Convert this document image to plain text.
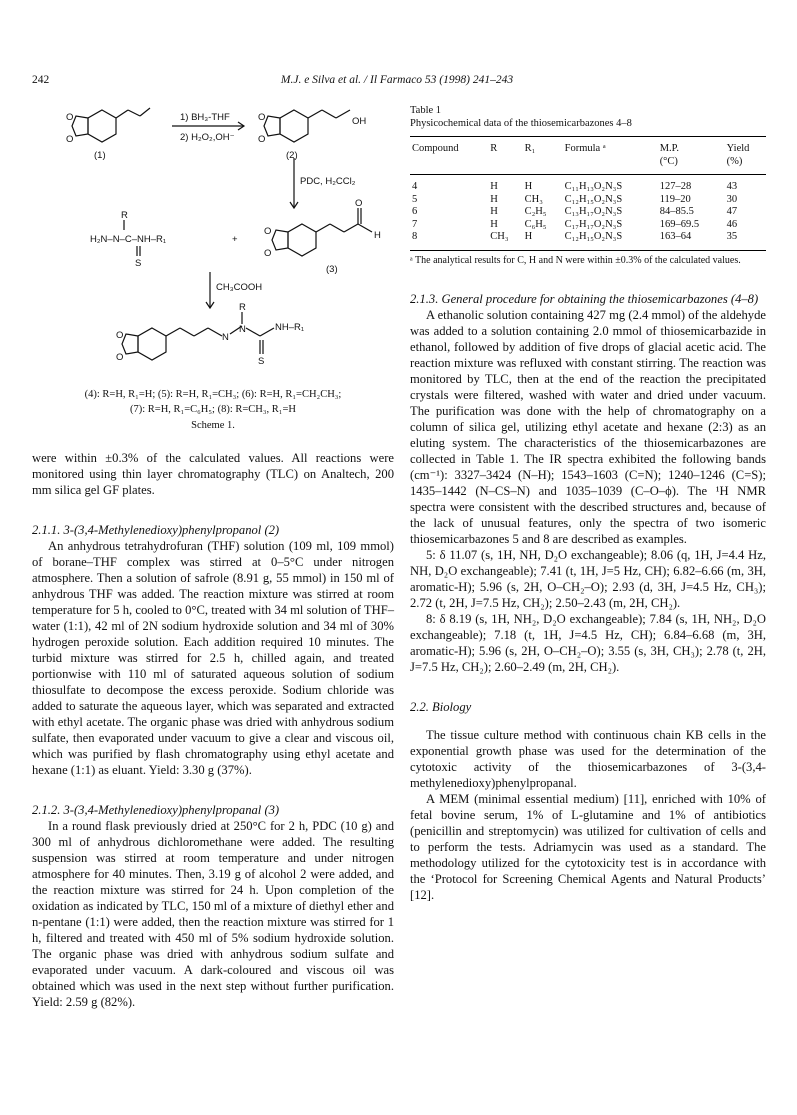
242	M.J. e Silva et al. / Il Farmaco 53 (1998) 241–243
O
O
1) BH₃-THF
2) H₂O₂,OH⁻
(1)
O
O
OH
(2)
PDC, H₂CCl₂
O
O
O
H
(3)
R
H₂N–N–C–NH–R₁
S
+
CH₃COOH
O
O
N
N
R
NH–R₁
S
(4): R=H, R₁=H; (5): R=H, R₁=CH₃; (6): R=H, R₁=CH₂CH₃;
(7): R=H, R₁=C₆H₅; (8): R=CH₃, R₁=H
Scheme 1.

were within ±0.3% of the calculated values. All reactions were monitored using thin layer chromatography (TLC) on Analtech, 200 mm silica gel GF plates.

2.1.1. 3-(3,4-Methylenedioxy)phenylpropanol (2)

An anhydrous tetrahydrofuran (THF) solution (109 ml, 109 mmol) of borane–THF complex was stirred at 0–5°C under nitrogen atmosphere. Then a solution of safrole (8.91 g, 55 mmol) in 150 ml of anhydrous THF was added. The reaction mixture was stirred at room temperature for 5 h, cooled to 0°C, treated with 34 ml solution of THF–water (1:1), 42 ml of 2N sodium hydroxide solution and 34 ml of 30% hydrogen peroxide solution. Each addition required 10 minutes. The turbid mixture was stirred for 2.5 h, chilled again, and treated portionwise with 110 ml of saturated aqueous solution of sodium thiosulfate to decompose the excess peroxide. Sodium chloride was added to saturate the aqueous layer, which was separated and extracted with ethyl acetate. The organic phase was dried with anhydrous sodium sulfate, then evaporated under vacuum to give a clear and viscous oil, which was purified by flash chromatography using ethyl acetate and hexane (1:1) as eluant. Yield: 3.30 g (37%).

2.1.2. 3-(3,4-Methylenedioxy)phenylpropanal (3)

In a round flask previously dried at 250°C for 2 h, PDC (10 g) and 300 ml of anhydrous dichloromethane were added. The resulting suspension was stirred at room temperature and under nitrogen atmosphere for 40 minutes. Then, 3.19 g of alcohol 2 were added, and the reaction mixture was stirred for 24 h. Upon completion of the oxidation as indicated by TLC, 150 ml of a mixture of diethyl ether and n-pentane (1:1) were added, then the reaction mixture was stirred for 1 h, filtered and treated with 450 ml of 5% sodium hydroxide solution. The organic phase was dried with anhydrous sodium sulfate and evaporated under vacuum. A dark-coloured and viscous oil was obtained which was used in the next step without further purification. Yield: 2.59 g (82%).

Table 1
Physicochemical data of the thiosemicarbazones 4–8
Compound	R	R₁	Formula ᵃ	M.P.	Yield
				(°C)	(%)
4	H	H	C₁₁H₁₃O₂N₃S	127–28	43
5	H	CH₃	C₁₂H₁₅O₂N₃S	119–20	30
6	H	C₂H₅	C₁₃H₁₇O₂N₃S	84–85.5	47
7	H	C₆H₅	C₁₇H₁₇O₂N₃S	169–69.5	46
8	CH₃	H	C₁₂H₁₅O₂N₃S	163–64	35
ᵃ The analytical results for C, H and N were within ±0.3% of the calculated values.
2.1.3. General procedure for obtaining the thiosemicarbazones (4–8)

A ethanolic solution containing 427 mg (2.4 mmol) of the aldehyde was added to a solution containing 2.0 mmol of thiosemicarbazide in ethanol, followed by addition of five drops of glacial acetic acid. The reaction mixture was refluxed with constant stirring. The reaction was monitored by TLC, then at the end of the reaction the precipitated crystals were filtered, washed with water and dried under vacuum. The purification was done with the help of chromatography on a column of silica gel, utilizing ethyl acetate and hexane (2:3) as an eluting system. The characteristics of the thiosemicarbazones are collected in Table 1. The IR spectra exhibited the following bands (cm⁻¹): 3327–3424 (N–H); 1543–1603 (C=N); 1240–1246 (C=S); 1435–1442 (N–CS–N) and 1035–1039 (C–O–ϕ). The ¹H NMR spectra were consistent with the described structures and, because of the lack of unusual features, only the spectra of two isomeric thiosemicarbazones 5 and 8 are described as examples.

5: δ 11.07 (s, 1H, NH, D₂O exchangeable); 8.06 (q, 1H, J=4.4 Hz, NH, D₂O exchangeable); 7.41 (t, 1H, J=5 Hz, CH); 6.82–6.66 (m, 3H, aromatic-H); 5.96 (s, 2H, O–CH₂–O); 2.93 (d, 3H, J=4.5 Hz, CH₃); 2.72 (t, 2H, J=7.5 Hz, CH₂); 2.50–2.43 (m, 2H, CH₂).

8: δ 8.19 (s, 1H, NH₂, D₂O exchangeable); 7.84 (s, 1H, NH₂, D₂O exchangeable); 7.18 (t, 1H, J=4.5 Hz, CH); 6.84–6.68 (m, 3H, aromatic-H); 5.96 (s, 2H, O–CH₂–O); 3.55 (s, 3H, CH₃); 2.78 (t, 2H, J=7.5 Hz, CH₂); 2.60–2.49 (m, 2H, CH₂).

2.2. Biology

The tissue culture method with continuous chain KB cells in the exponential growth phase was used for the determination of the cytotoxic activity of the thiosemicarbazones of 3-(3,4-methylenedioxy)phenylpropanal.

A MEM (minimal essential medium) [11], enriched with 10% of fetal bovine serum, 1% of L-glutamine and 1% of antibiotics (penicillin and streptomycin) was utilized for cultivation of cells and to perform the tests. Adriamycin was used as a standard. The methodology utilized for the cytotoxicity test is in accordance with the ‘Protocol for Screening Chemical Agents and Natural Products’ [12].
